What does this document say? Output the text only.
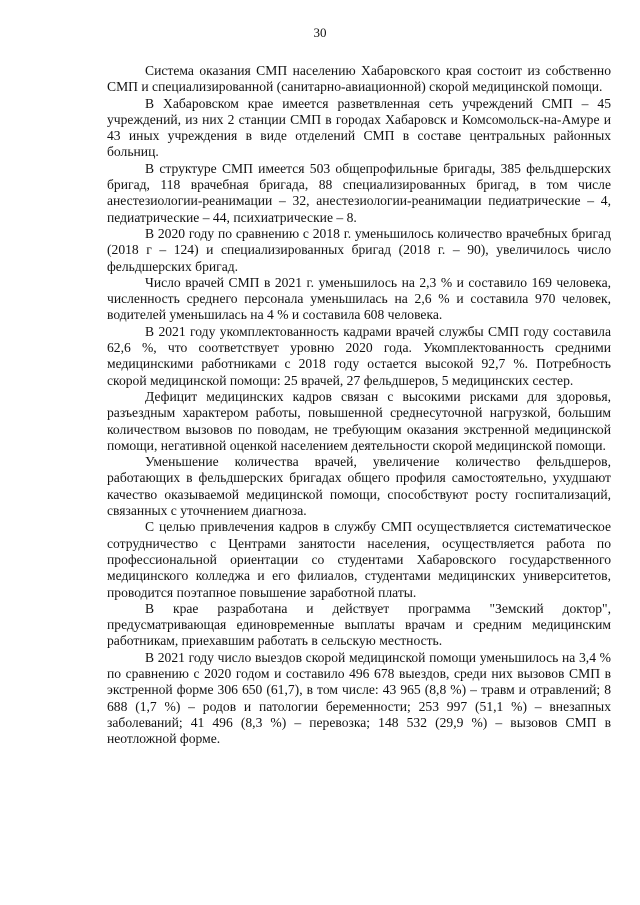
30

Система оказания СМП населению Хабаровского края состоит из собственно СМП и специализированной (санитарно-авиационной) скорой медицинской помощи.

В Хабаровском крае имеется разветвленная сеть учреждений СМП – 45 учреждений, из них 2 станции СМП в городах Хабаровск и Комсомольск-на-Амуре и 43 иных учреждения в виде отделений СМП в составе центральных районных больниц.

В структуре СМП имеется 503 общепрофильные бригады, 385 фельдшерских бригад, 118 врачебная бригада, 88 специализированных бригад, в том числе анестезиологии-реанимации – 32, анестезиологии-реанимации педиатрические – 4, педиатрические – 44, психиатрические – 8.

В 2020 году по сравнению с 2018 г. уменьшилось количество врачебных бригад (2018 г – 124) и специализированных бригад (2018 г. – 90), увеличилось число фельдшерских бригад.

Число врачей СМП в 2021 г. уменьшилось на 2,3 % и составило 169 человека, численность среднего персонала уменьшилась на 2,6 % и составила 970 человек, водителей уменьшилась на 4 % и составила 608 человека.

В 2021 году укомплектованность кадрами врачей службы СМП году составила 62,6 %, что соответствует уровню 2020 года. Укомплектованность средними медицинскими работниками с 2018 году остается высокой 92,7 %. Потребность скорой медицинской помощи: 25 врачей, 27 фельдшеров, 5 медицинских сестер.

Дефицит медицинских кадров связан с высокими рисками для здоровья, разъездным характером работы, повышенной среднесуточной нагрузкой, большим количеством вызовов по поводам, не требующим оказания экстренной медицинской помощи, негативной оценкой населением деятельности скорой медицинской помощи.

Уменьшение количества врачей, увеличение количество фельдшеров, работающих в фельдшерских бригадах общего профиля самостоятельно, ухудшают качество оказываемой медицинской помощи, способствуют росту госпитализаций, связанных с уточнением диагноза.

С целью привлечения кадров в службу СМП осуществляется систематическое сотрудничество с Центрами занятости населения, осуществляется работа по профессиональной ориентации со студентами Хабаровского государственного медицинского колледжа и его филиалов, студентами медицинских университетов, проводится поэтапное повышение заработной платы.

В крае разработана и действует программа "Земский доктор", предусматривающая единовременные выплаты врачам и средним медицинским работникам, приехавшим работать в сельскую местность.

В 2021 году число выездов скорой медицинской помощи уменьшилось на 3,4 % по сравнению с 2020 годом и составило 496 678 выездов, среди них вызовов СМП в экстренной форме 306 650 (61,7), в том числе: 43 965 (8,8 %) – травм и отравлений; 8 688 (1,7 %) – родов и патологии беременности; 253 997 (51,1 %) – внезапных заболеваний; 41 496 (8,3 %) – перевозка; 148 532 (29,9 %) – вызовов СМП в неотложной форме.
